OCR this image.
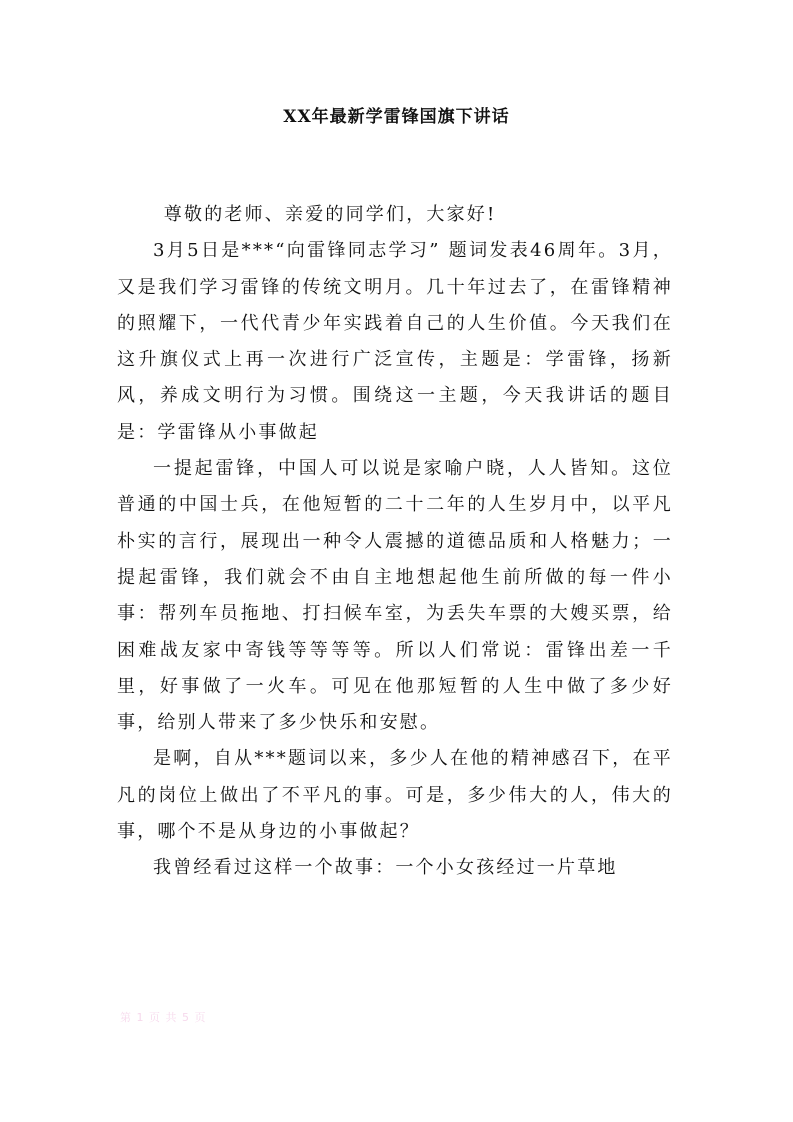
XX年最新学雷锋国旗下讲话

尊敬的老师、亲爱的同学们，大家好!

3月5日是***“向雷锋同志学习” 题词发表46周年。3月，又是我们学习雷锋的传统文明月。几十年过去了，在雷锋精神的照耀下，一代代青少年实践着自己的人生价值。今天我们在这升旗仪式上再一次进行广泛宣传，主题是：学雷锋，扬新风，养成文明行为习惯。围绕这一主题，今天我讲话的题目是：学雷锋从小事做起

一提起雷锋，中国人可以说是家喻户晓，人人皆知。这位普通的中国士兵，在他短暂的二十二年的人生岁月中，以平凡朴实的言行，展现出一种令人震撼的道德品质和人格魅力；一提起雷锋，我们就会不由自主地想起他生前所做的每一件小事：帮列车员拖地、打扫候车室，为丢失车票的大嫂买票，给困难战友家中寄钱等等等等。所以人们常说：雷锋出差一千里，好事做了一火车。可见在他那短暂的人生中做了多少好事，给别人带来了多少快乐和安慰。

是啊，自从***题词以来，多少人在他的精神感召下，在平凡的岗位上做出了不平凡的事。可是，多少伟大的人，伟大的事，哪个不是从身边的小事做起？

我曾经看过这样一个故事：一个小女孩经过一片草地

第 1 页 共 5 页
